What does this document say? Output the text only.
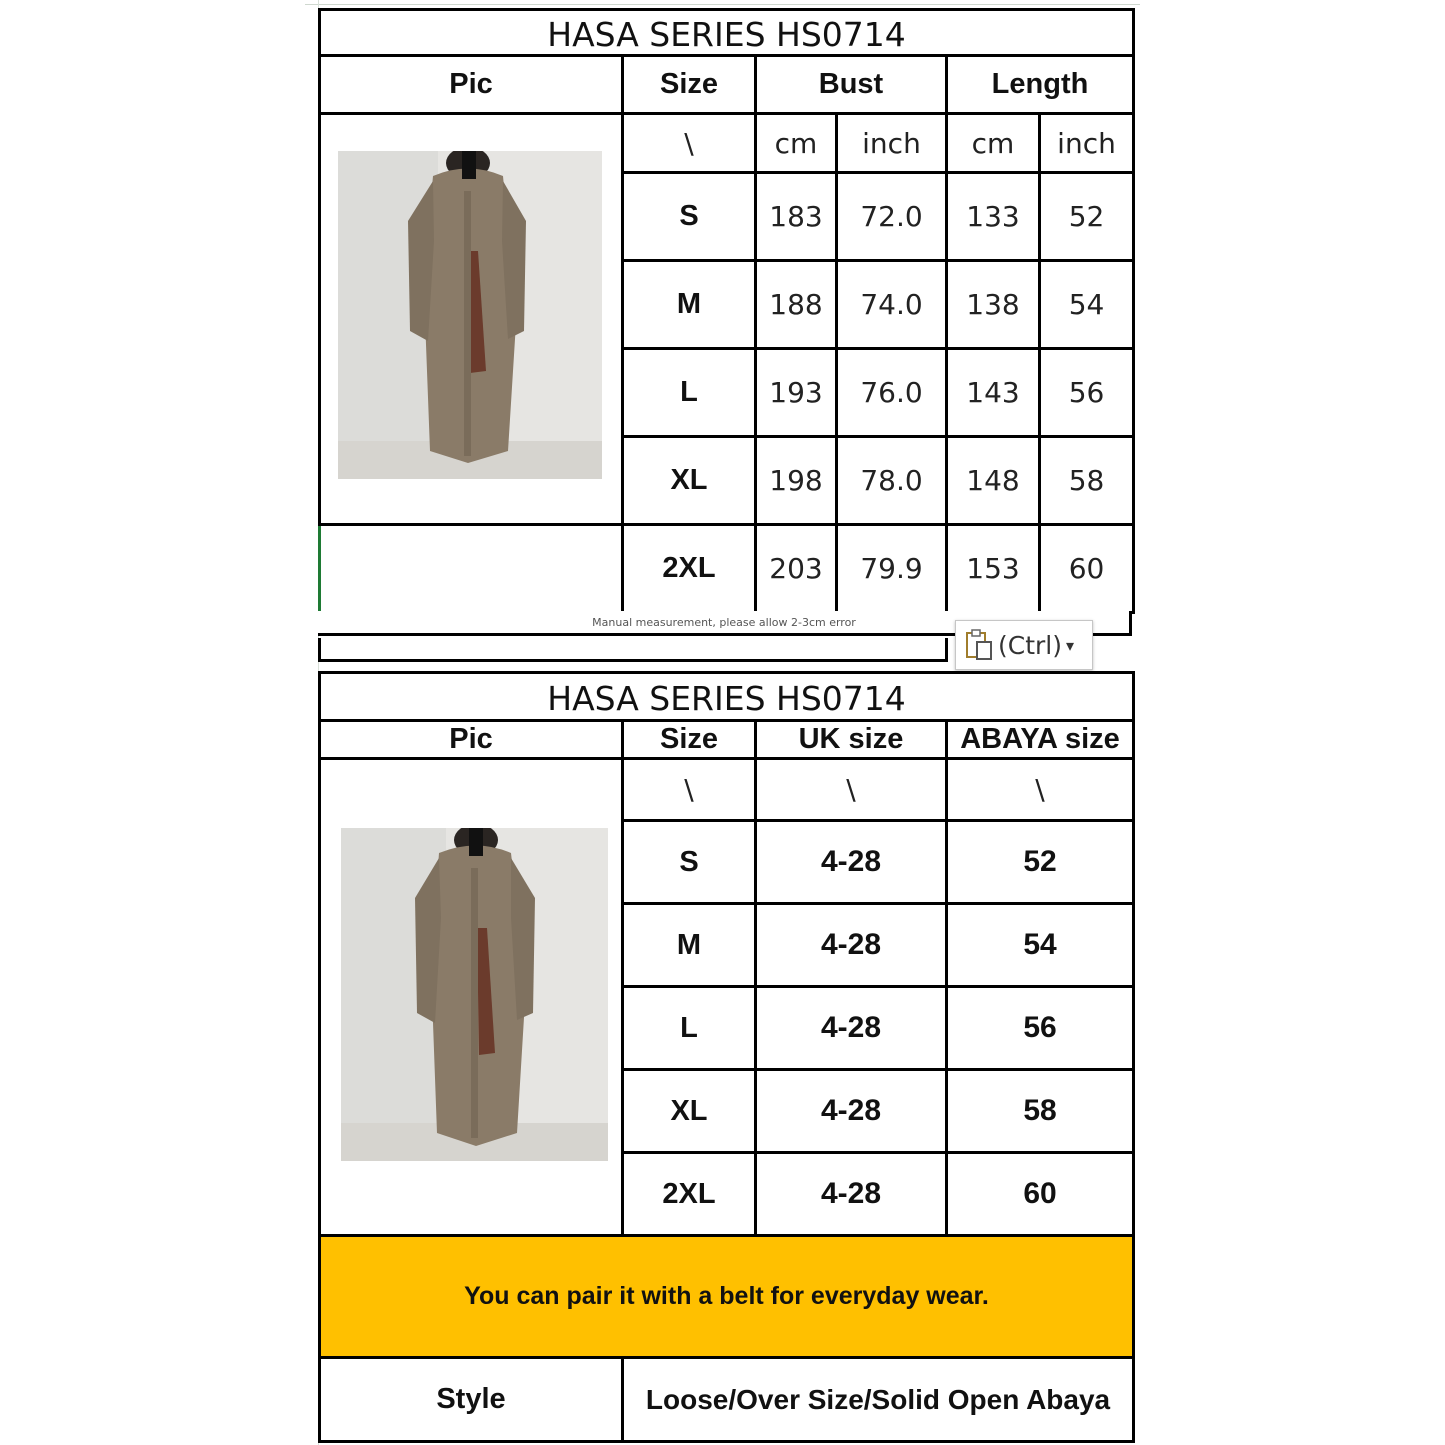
HASA SERIES HS0714					
Pic	Size	Bust		Length	
	\	cm	inch	cm	inch
	S	183	72.0	133	52
	M	188	74.0	138	54
	L	193	76.0	143	56
	XL	198	78.0	148	58
	2XL	203	79.9	153	60
Manual measurement, please allow 2-3cm error
(Ctrl) ▾
HASA SERIES HS0714			
Pic	Size	UK size	ABAYA size
	\	\	\
	S	4-28	52
	M	4-28	54
	L	4-28	56
	XL	4-28	58
	2XL	4-28	60
You can pair it with a belt for everyday wear.			
Style	Loose/Over Size/Solid Open Abaya		
